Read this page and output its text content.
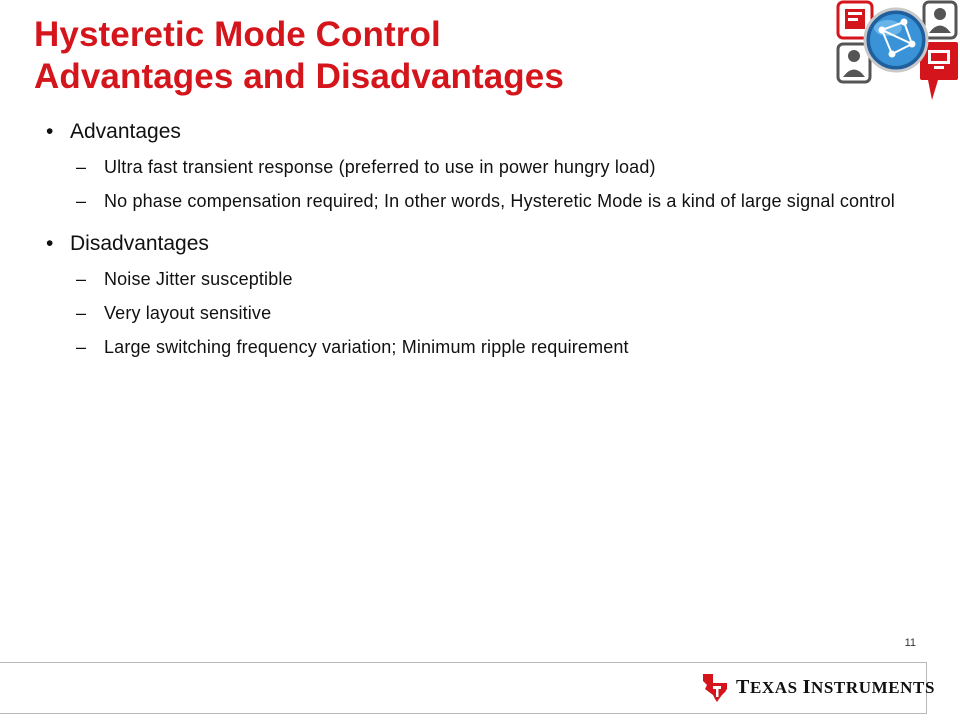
Hysteretic Mode Control
Advantages and Disadvantages
• Advantages
– Ultra fast transient response (preferred to use in power hungry load)
– No phase compensation required; In other words, Hysteretic Mode is a kind of large signal control
• Disadvantages
– Noise Jitter susceptible
– Very layout sensitive
– Large switching frequency variation; Minimum ripple requirement
11
TEXAS INSTRUMENTS
